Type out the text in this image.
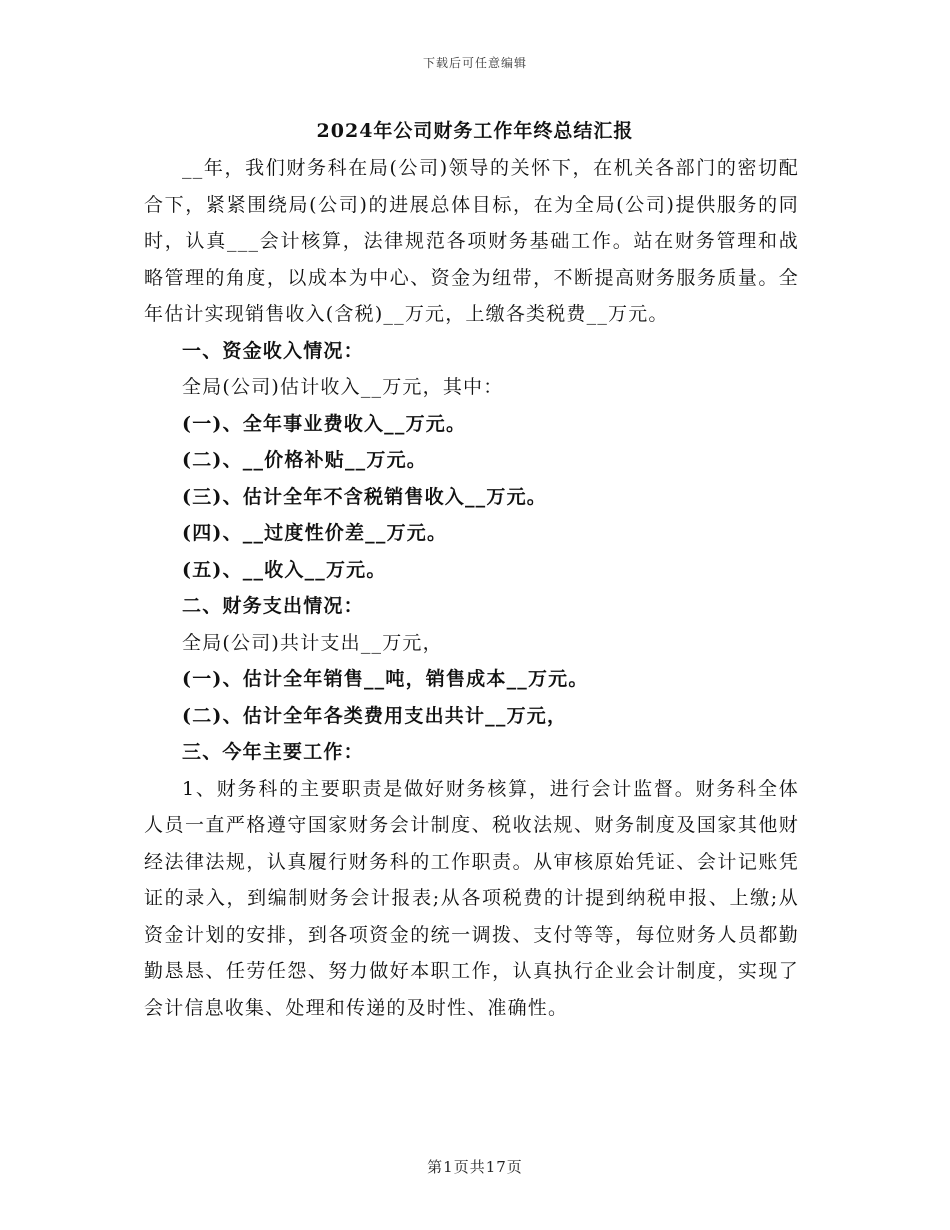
下载后可任意编辑
2024年公司财务工作年终总结汇报

__年，我们财务科在局(公司)领导的关怀下，在机关各部门的密切配合下，紧紧围绕局(公司)的进展总体目标，在为全局(公司)提供服务的同时，认真___会计核算，法律规范各项财务基础工作。站在财务管理和战略管理的角度，以成本为中心、资金为纽带，不断提高财务服务质量。全年估计实现销售收入(含税)__万元，上缴各类税费__万元。

一、资金收入情况：

全局(公司)估计收入__万元，其中：

(一)、全年事业费收入__万元。

(二)、__价格补贴__万元。

(三)、估计全年不含税销售收入__万元。

(四)、__过度性价差__万元。

(五)、__收入__万元。

二、财务支出情况：

全局(公司)共计支出__万元，

(一)、估计全年销售__吨，销售成本__万元。

(二)、估计全年各类费用支出共计__万元，

三、今年主要工作：

1、财务科的主要职责是做好财务核算，进行会计监督。财务科全体人员一直严格遵守国家财务会计制度、税收法规、财务制度及国家其他财经法律法规，认真履行财务科的工作职责。从审核原始凭证、会计记账凭证的录入，到编制财务会计报表;从各项税费的计提到纳税申报、上缴;从资金计划的安排，到各项资金的统一调拨、支付等等，每位财务人员都勤勤恳恳、任劳任怨、努力做好本职工作，认真执行企业会计制度，实现了会计信息收集、处理和传递的及时性、准确性。

第1页共17页
